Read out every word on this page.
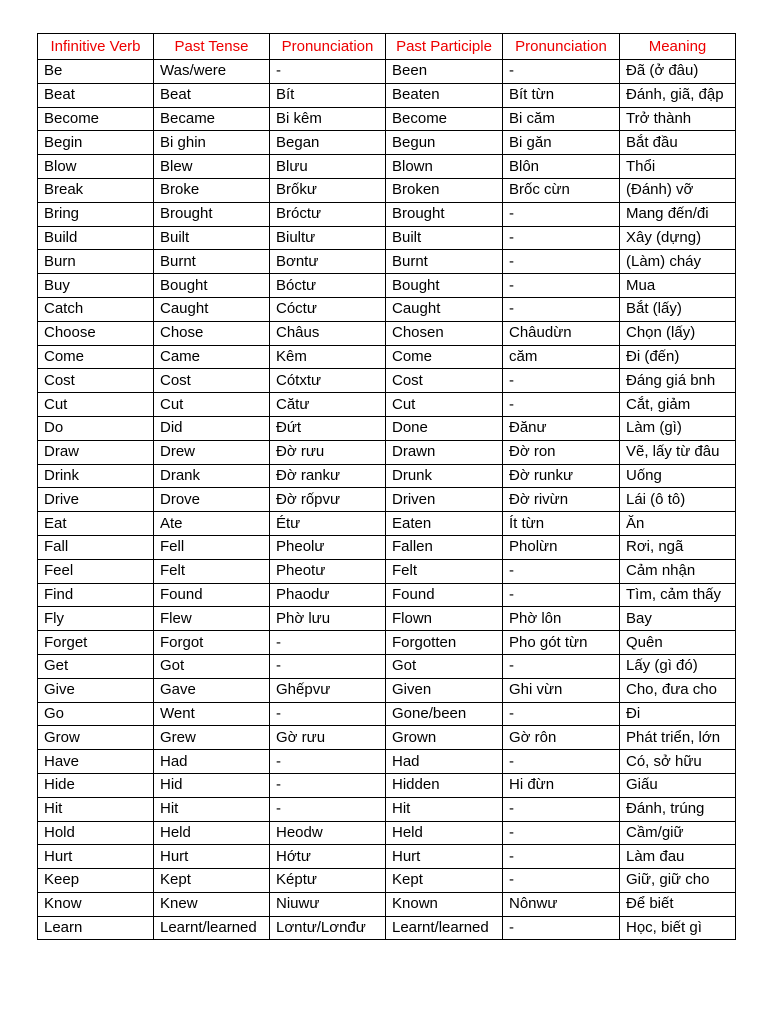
Infinitive Verb	Past Tense	Pronunciation	Past Participle	Pronunciation	Meaning
Be	Was/were	-	Been	-	Đã (ở đâu)
Beat	Beat	Bít	Beaten	Bít từn	Đánh, giã, đập
Become	Became	Bi kêm	Become	Bi căm	Trở thành
Begin	Bi ghin	Began	Begun	Bi găn	Bắt đầu
Blow	Blew	Blưu	Blown	Blôn	Thổi
Break	Broke	Brốkư	Broken	Brốc cừn	(Đánh) vỡ
Bring	Brought	Bróctư	Brought	-	Mang đến/đi
Build	Built	Biultư	Built	-	Xây (dựng)
Burn	Burnt	Bơntư	Burnt	-	(Làm) cháy
Buy	Bought	Bóctư	Bought	-	Mua
Catch	Caught	Cóctư	Caught	-	Bắt (lấy)
Choose	Chose	Châus	Chosen	Châudừn	Chọn (lấy)
Come	Came	Kêm	Come	căm	Đi (đến)
Cost	Cost	Cótxtư	Cost	-	Đáng giá bnh
Cut	Cut	Cătư	Cut	-	Cắt, giảm
Do	Did	Đứt	Done	Đănư	Làm (gì)
Draw	Drew	Đờ rưu	Drawn	Đờ ron	Vẽ, lấy từ đâu
Drink	Drank	Đờ rankư	Drunk	Đờ runkư	Uống
Drive	Drove	Đờ rốpvư	Driven	Đờ rivừn	Lái (ô tô)
Eat	Ate	Étư	Eaten	Ít từn	Ăn
Fall	Fell	Pheolư	Fallen	Pholừn	Rơi, ngã
Feel	Felt	Pheotư	Felt	-	Cảm nhận
Find	Found	Phaodư	Found	-	Tìm, cảm thấy
Fly	Flew	Phờ lưu	Flown	Phờ lôn	Bay
Forget	Forgot	-	Forgotten	Pho gót từn	Quên
Get	Got	-	Got	-	Lấy (gì đó)
Give	Gave	Ghếpvư	Given	Ghi vừn	Cho, đưa cho
Go	Went	-	Gone/been	-	Đi
Grow	Grew	Gờ rưu	Grown	Gờ rôn	Phát triển, lớn
Have	Had	-	Had	-	Có, sở hữu
Hide	Hid	-	Hidden	Hi đừn	Giấu
Hit	Hit	-	Hit	-	Đánh, trúng
Hold	Held	Heodw	Held	-	Cầm/giữ
Hurt	Hurt	Hớtư	Hurt	-	Làm đau
Keep	Kept	Képtư	Kept	-	Giữ, giữ cho
Know	Knew	Niuwư	Known	Nônwư	Để biết
Learn	Learnt/learned	Lơntư/Lơnđư	Learnt/learned	-	Học, biết gì
